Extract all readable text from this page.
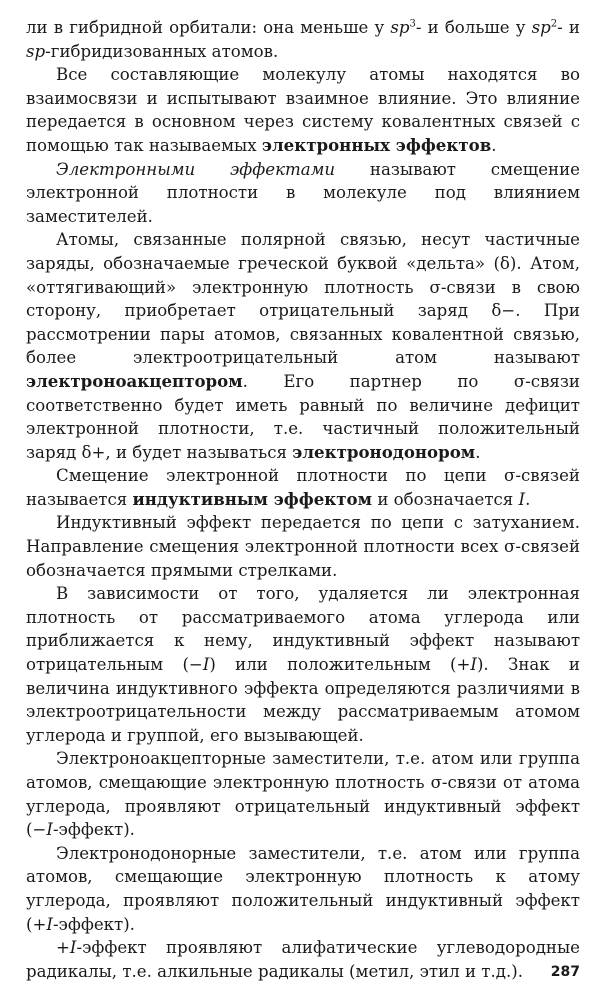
ли в гибридной орбитали: она меньше у $sp^3-$ и больше у $sp^2-$ и sp-гибридизованных атомов.

Все составляющие молекулу атомы находятся во взаимосвязи и испытывают взаимное влияние. Это влияние передается в основном через систему ковалентных связей с помощью так называемых электронных эффектов.

Электронными эффектами называют смещение электронной плотности в молекуле под влиянием заместителей.

Атомы, связанные полярной связью, несут частичные заряды, обозначаемые греческой буквой «дельта» (δ). Атом, «оттягивающий» электронную плотность σ-связи в свою сторону, приобретает отрицательный заряд δ−. При рассмотрении пары атомов, связанных ковалентной связью, более электроотрицательный атом называют электроноакцептором. Его партнер по σ-связи соответственно будет иметь равный по величине дефицит электронной плотности, т.е. частичный положительный заряд δ+, и будет называться электронодонором.

Смещение электронной плотности по цепи σ-связей называется индуктивным эффектом и обозначается I.

Индуктивный эффект передается по цепи с затуханием. Направление смещения электронной плотности всех σ-связей обозначается прямыми стрелками.

В зависимости от того, удаляется ли электронная плотность от рассматриваемого атома углерода или приближается к нему, индуктивный эффект называют отрицательным (−I) или положительным (+I). Знак и величина индуктивного эффекта определяются различиями в электроотрицательности между рассматриваемым атомом углерода и группой, его вызывающей.

Электроноакцепторные заместители, т.е. атом или группа атомов, смещающие электронную плотность σ-связи от атома углерода, проявляют отрицательный индуктивный эффект (−I-эффект).

Электронодонорные заместители, т.е. атом или группа атомов, смещающие электронную плотность к атому углерода, проявляют положительный индуктивный эффект (+I-эффект).

+I-эффект проявляют алифатические углеводородные радикалы, т.е. алкильные радикалы (метил, этил и т.д.).	287
